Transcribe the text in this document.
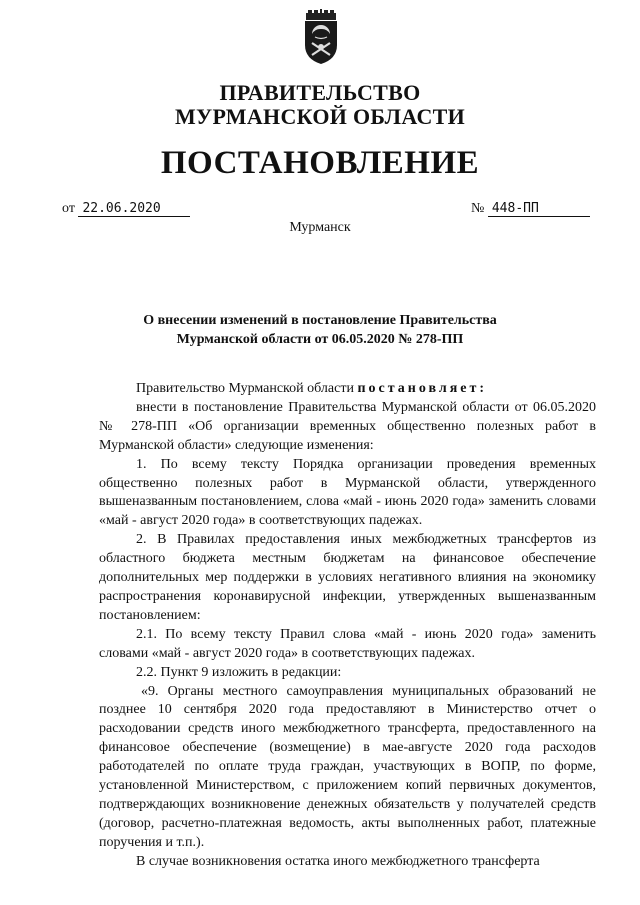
ПРАВИТЕЛЬСТВО
МУРМАНСКОЙ ОБЛАСТИ
ПОСТАНОВЛЕНИЕ
от 22.06.2020	№ 448-ПП
Мурманск
О внесении изменений в постановление Правительства
Мурманской области от 06.05.2020 № 278-ПП

Правительство Мурманской области постановляет:

внести в постановление Правительства Мурманской области от 06.05.2020 № 278-ПП «Об организации временных общественно полезных работ в Мурманской области» следующие изменения:

1. По всему тексту Порядка организации проведения временных общественно полезных работ в Мурманской области, утвержденного вышеназванным постановлением, слова «май - июнь 2020 года» заменить словами «май - август 2020 года» в соответствующих падежах.

2. В Правилах предоставления иных межбюджетных трансфертов из областного бюджета местным бюджетам на финансовое обеспечение дополнительных мер поддержки в условиях негативного влияния на экономику распространения коронавирусной инфекции, утвержденных вышеназванным постановлением:

2.1. По всему тексту Правил слова «май - июнь 2020 года» заменить словами «май - август 2020 года» в соответствующих падежах.

2.2. Пункт 9 изложить в редакции:

«9. Органы местного самоуправления муниципальных образований не позднее 10 сентября 2020 года предоставляют в Министерство отчет о расходовании средств иного межбюджетного трансферта, предоставленного на финансовое обеспечение (возмещение) в мае-августе 2020 года расходов работодателей по оплате труда граждан, участвующих в ВОПР, по форме, установленной Министерством, с приложением копий первичных документов, подтверждающих возникновение денежных обязательств у получателей средств (договор, расчетно-платежная ведомость, акты выполненных работ, платежные поручения и т.п.).

В случае возникновения остатка иного межбюджетного трансферта
